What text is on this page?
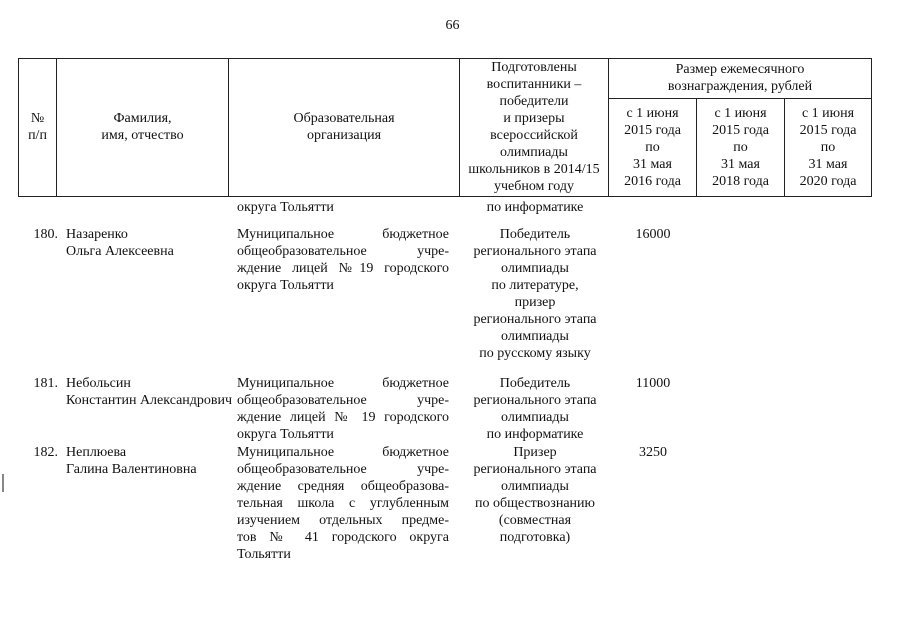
66
№
п/п
Фамилия,
имя, отчество
Образовательная
организация
Подготовлены
воспитанники –
победители
и призеры
всероссийской
олимпиады
школьников в 2014/15
учебном году
Размер ежемесячного
вознаграждения, рублей
с 1 июня
2015 года
по
31 мая
2016 года
с 1 июня
2015 года
по
31 мая
2018 года
с 1 июня
2015 года
по
31 мая
2020 года
округа Тольятти	по информатике
180. Назаренко
Ольга Алексеевна
Муниципальное бюджетное
общеобразовательное учре-
ждение лицей №19 городского
округа Тольятти
Победитель
регионального этапа
олимпиады
по литературе,
призер
регионального этапа
олимпиады
по русскому языку
16000
181. Небольсин
Константин Александрович
Муниципальное бюджетное
общеобразовательное учре-
ждение лицей № 19 городского
округа Тольятти
Победитель
регионального этапа
олимпиады
по информатике
11000
182. Неплюева
Галина Валентиновна
Муниципальное бюджетное
общеобразовательное учре-
ждение средняя общеобразова-
тельная школа с углубленным
изучением отдельных предме-
тов № 41 городского округа
Тольятти
Призер
регионального этапа
олимпиады
по обществознанию
(совместная
подготовка)
3250
